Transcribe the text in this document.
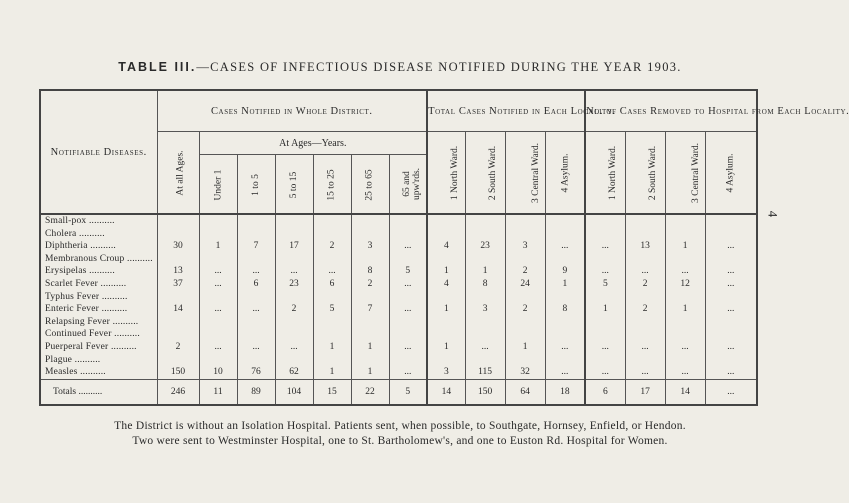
TABLE III.—CASES OF INFECTIOUS DISEASE NOTIFIED DURING THE YEAR 1903.
4
Notifiable Diseases.	Cases Notified in Whole District.							Total Cases Notified in Each Locality.				No. of Cases Removed to Hospital from Each Locality.			
	At all Ages.	At Ages—Years.						1 North Ward.	2 South Ward.	3 Central Ward.	4 Asylum.	1 North Ward.	2 South Ward.	3 Central Ward.	4 Asylum.
		Under 1	1 to 5	5 to 15	15 to 25	25 to 65	65 and upw'rds.								
Small-pox ..........															
Cholera ..........															
Diphtheria ..........	30	1	7	17	2	3	...	4	23	3	...	...	13	1	...
Membranous Croup ..........															
Erysipelas ..........	13	...	...	...	...	8	5	1	1	2	9	...	...	...	...
Scarlet Fever ..........	37	...	6	23	6	2	...	4	8	24	1	5	2	12	...
Typhus Fever ..........															
Enteric Fever ..........	14	...	...	2	5	7	...	1	3	2	8	1	2	1	...
Relapsing Fever ..........															
Continued Fever ..........															
Puerperal Fever ..........	2	...	...	...	1	1	...	1	...	1	...	...	...	...	...
Plague ..........															
Measles ..........	150	10	76	62	1	1	...	3	115	32	...	...	...	...	...
Totals ..........	246	11	89	104	15	22	5	14	150	64	18	6	17	14	...
The District is without an Isolation Hospital. Patients sent, when possible, to Southgate, Hornsey, Enfield, or Hendon.
Two were sent to Westminster Hospital, one to St. Bartholomew's, and one to Euston Rd. Hospital for Women.
